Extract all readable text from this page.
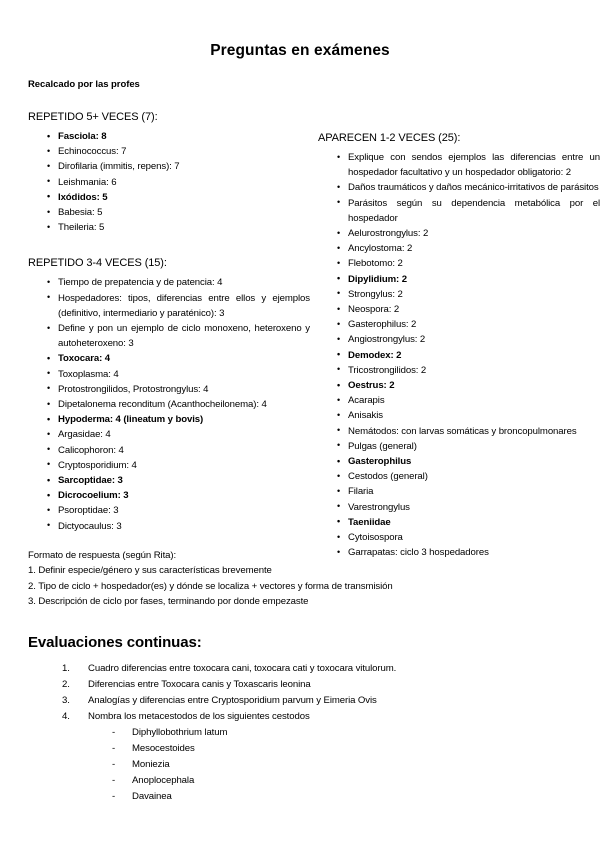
Preguntas en exámenes
Recalcado por las profes
REPETIDO 5+ VECES (7):
• Fasciola: 8
• Echinococcus: 7
• Dirofilaria (immitis, repens): 7
• Leishmania: 6
• Ixódidos: 5
• Babesia: 5
• Theileria: 5
REPETIDO 3-4 VECES (15):
• Tiempo de prepatencia y de patencia: 4
• Hospedadores: tipos, diferencias entre ellos y ejemplos (definitivo, intermediario y paraténico): 3
• Define y pon un ejemplo de ciclo monoxeno, heteroxeno y autoheteroxeno: 3
• Toxocara: 4
• Toxoplasma: 4
• Protostrongilidos, Protostrongylus: 4
• Dipetalonema reconditum (Acanthocheilonema): 4
• Hypoderma: 4 (lineatum y bovis)
• Argasidae: 4
• Calicophoron: 4
• Cryptosporidium: 4
• Sarcoptidae: 3
• Dicrocoelium: 3
• Psoroptidae: 3
• Dictyocaulus: 3
APARECEN 1-2 VECES (25):
• Explique con sendos ejemplos las diferencias entre un hospedador facultativo y un hospedador obligatorio: 2
• Daños traumáticos y daños mecánico-irritativos de parásitos
• Parásitos según su dependencia metabólica por el hospedador
• Aelurostrongylus: 2
• Ancylostoma: 2
• Flebotomo: 2
• Dipylidium: 2
• Strongylus: 2
• Neospora: 2
• Gasterophilus: 2
• Angiostrongylus: 2
• Demodex: 2
• Tricostrongilidos: 2
• Oestrus: 2
• Acarapis
• Anisakis
• Nemátodos: con larvas somáticas y broncopulmonares
• Pulgas (general)
• Gasterophilus
• Cestodos (general)
• Filaria
• Varestrongylus
• Taeniidae
• Cytoisospora
• Garrapatas: ciclo 3 hospedadores
Formato de respuesta (según Rita):
1. Definir especie/género y sus características brevemente
2. Tipo de ciclo + hospedador(es) y dónde se localiza + vectores y forma de transmisión
3. Descripción de ciclo por fases, terminando por donde empezaste
Evaluaciones continuas:
1. Cuadro diferencias entre toxocara cani, toxocara cati y toxocara vitulorum.
2. Diferencias entre Toxocara canis y Toxascaris leonina
3. Analogías y diferencias entre Cryptosporidium parvum y Eimeria Ovis
4. Nombra los metacestodos de los siguientes cestodos
- Diphyllobothrium latum
- Mesocestoides
- Moniezia
- Anoplocephala
- Davainea
